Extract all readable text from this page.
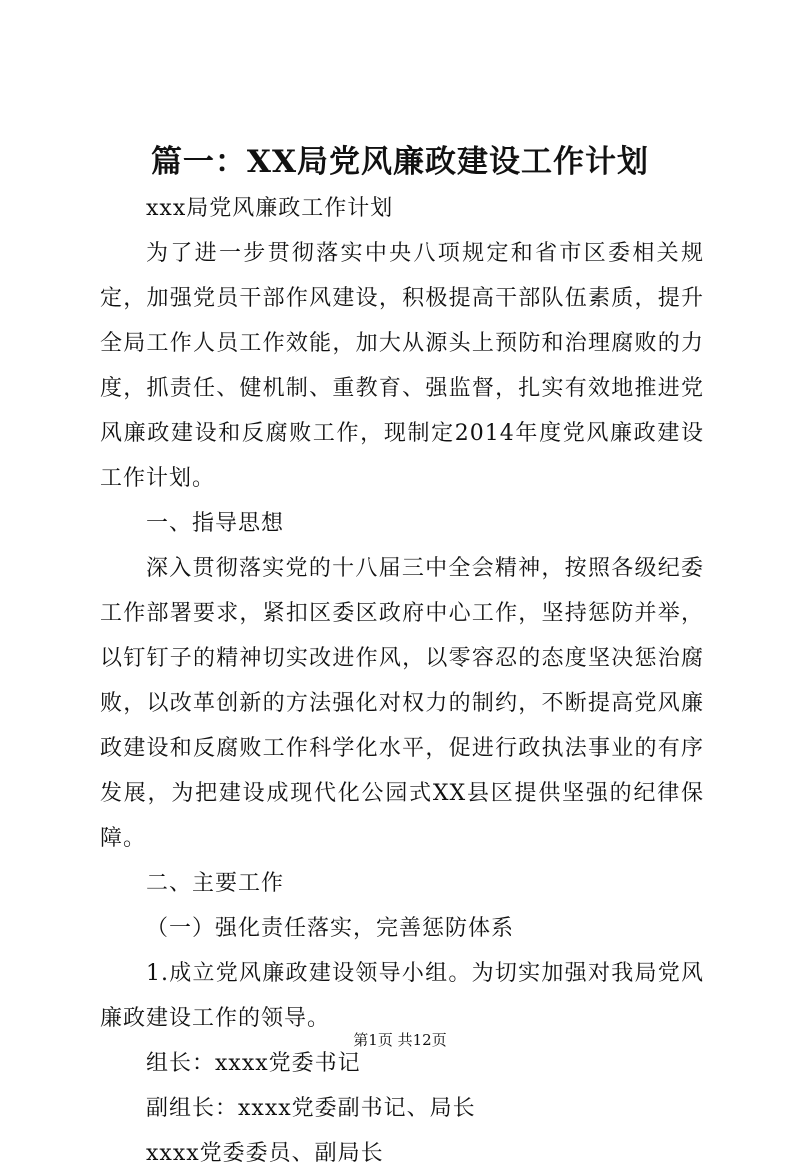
篇一：XX局党风廉政建设工作计划

xxx局党风廉政工作计划

为了进一步贯彻落实中央八项规定和省市区委相关规定，加强党员干部作风建设，积极提高干部队伍素质，提升全局工作人员工作效能，加大从源头上预防和治理腐败的力度，抓责任、健机制、重教育、强监督，扎实有效地推进党风廉政建设和反腐败工作，现制定2014年度党风廉政建设工作计划。

一、指导思想

深入贯彻落实党的十八届三中全会精神，按照各级纪委工作部署要求，紧扣区委区政府中心工作，坚持惩防并举，以钉钉子的精神切实改进作风，以零容忍的态度坚决惩治腐败，以改革创新的方法强化对权力的制约，不断提高党风廉政建设和反腐败工作科学化水平，促进行政执法事业的有序发展，为把建设成现代化公园式XX县区提供坚强的纪律保障。

二、主要工作

（一）强化责任落实，完善惩防体系

1.成立党风廉政建设领导小组。为切实加强对我局党风廉政建设工作的领导。

组长：xxxx党委书记

副组长：xxxx党委副书记、局长

xxxx党委委员、副局长

第1页 共12页
